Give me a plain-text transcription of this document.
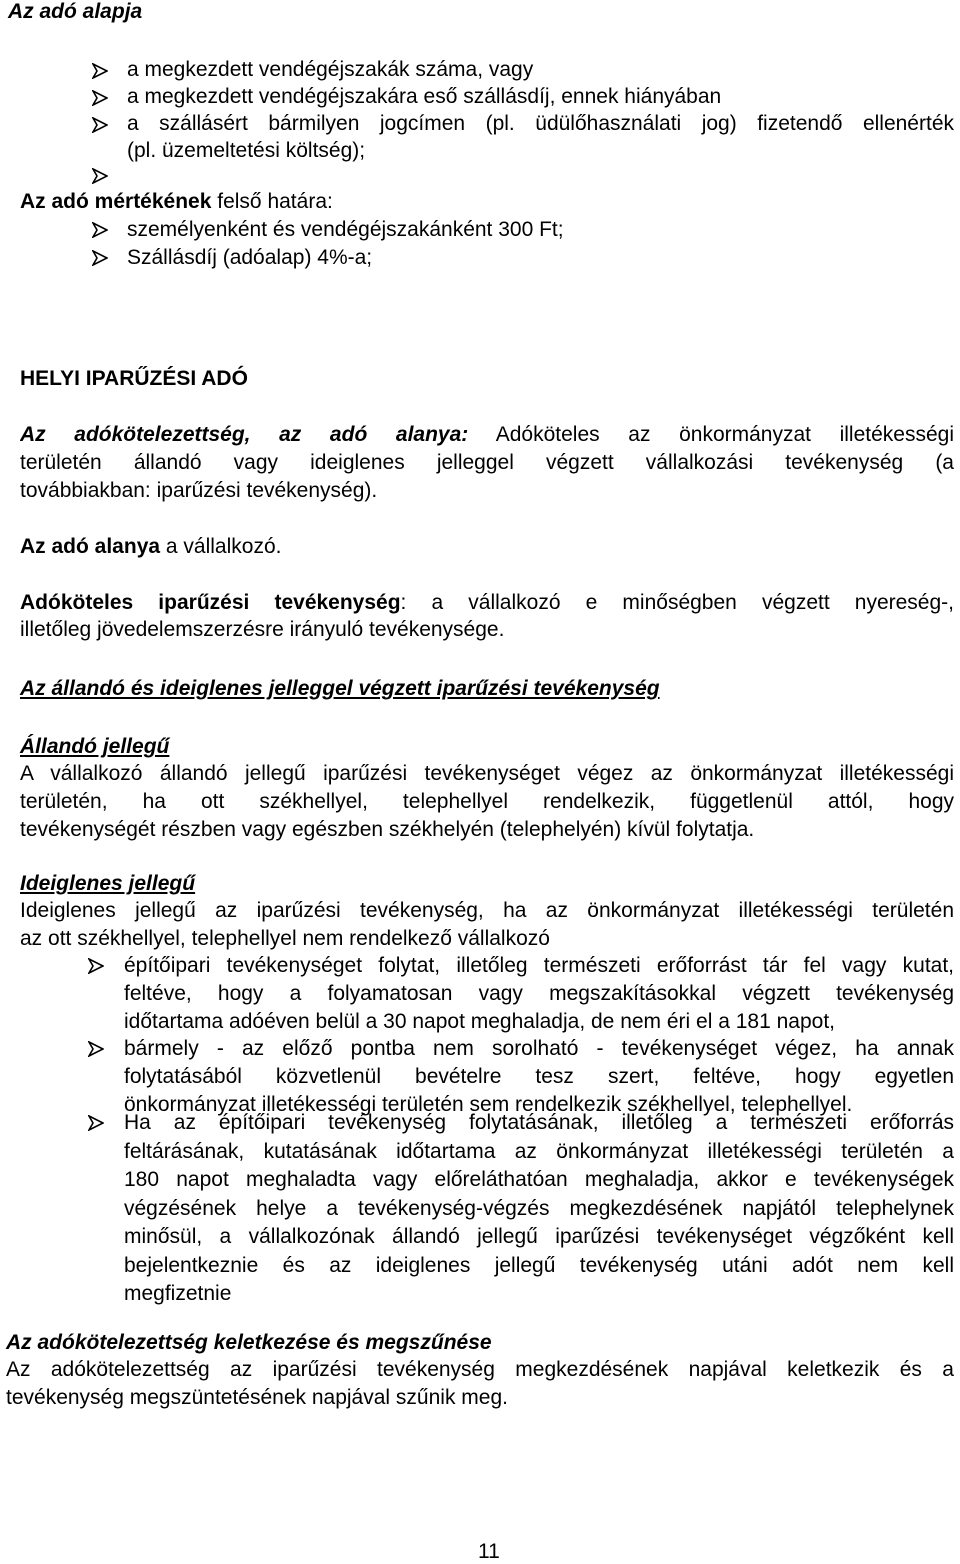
Az adó alapja
a megkezdett vendégéjszakák száma, vagy
a megkezdett vendégéjszakára eső szállásdíj, ennek hiányában
a szállásért bármilyen jogcímen (pl. üdülőhasználati jog) fizetendő ellenérték
(pl. üzemeltetési költség);
Az adó mértékének felső határa:
személyenként és vendégéjszakánként 300 Ft;
Szállásdíj (adóalap) 4%-a;
HELYI IPARŰZÉSI ADÓ
Az adókötelezettség, az adó alanya: Adóköteles az önkormányzat illetékességi
területén állandó vagy ideiglenes jelleggel végzett vállalkozási tevékenység (a
továbbiakban: iparűzési tevékenység).
Az adó alanya a vállalkozó.
Adóköteles iparűzési tevékenység: a vállalkozó e minőségben végzett nyereség-,
illetőleg jövedelemszerzésre irányuló tevékenysége.
Az állandó és ideiglenes jelleggel végzett iparűzési tevékenység
Állandó jellegű
A vállalkozó állandó jellegű iparűzési tevékenységet végez az önkormányzat illetékességi
területén, ha ott székhellyel, telephellyel rendelkezik, függetlenül attól, hogy
tevékenységét részben vagy egészben székhelyén (telephelyén) kívül folytatja.
Ideiglenes jellegű
Ideiglenes jellegű az iparűzési tevékenység, ha az önkormányzat illetékességi területén
az ott székhellyel, telephellyel nem rendelkező vállalkozó
építőipari tevékenységet folytat, illetőleg természeti erőforrást tár fel vagy kutat,
feltéve, hogy a folyamatosan vagy megszakításokkal végzett tevékenység
időtartama adóéven belül a 30 napot meghaladja, de nem éri el a 181 napot,
bármely - az előző pontba nem sorolható - tevékenységet végez, ha annak
folytatásából közvetlenül bevételre tesz szert, feltéve, hogy egyetlen
önkormányzat illetékességi területén sem rendelkezik székhellyel, telephellyel.
Ha az építőipari tevékenység folytatásának, illetőleg a természeti erőforrás
feltárásának, kutatásának időtartama az önkormányzat illetékességi területén a
180 napot meghaladta vagy előreláthatóan meghaladja, akkor e tevékenységek
végzésének helye a tevékenység-végzés megkezdésének napjától telephelynek
minősül, a vállalkozónak állandó jellegű iparűzési tevékenységet végzőként kell
bejelentkeznie és az ideiglenes jellegű tevékenység utáni adót nem kell
megfizetnie
Az adókötelezettség keletkezése és megszűnése
Az adókötelezettség az iparűzési tevékenység megkezdésének napjával keletkezik és a
tevékenység megszüntetésének napjával szűnik meg.
11
